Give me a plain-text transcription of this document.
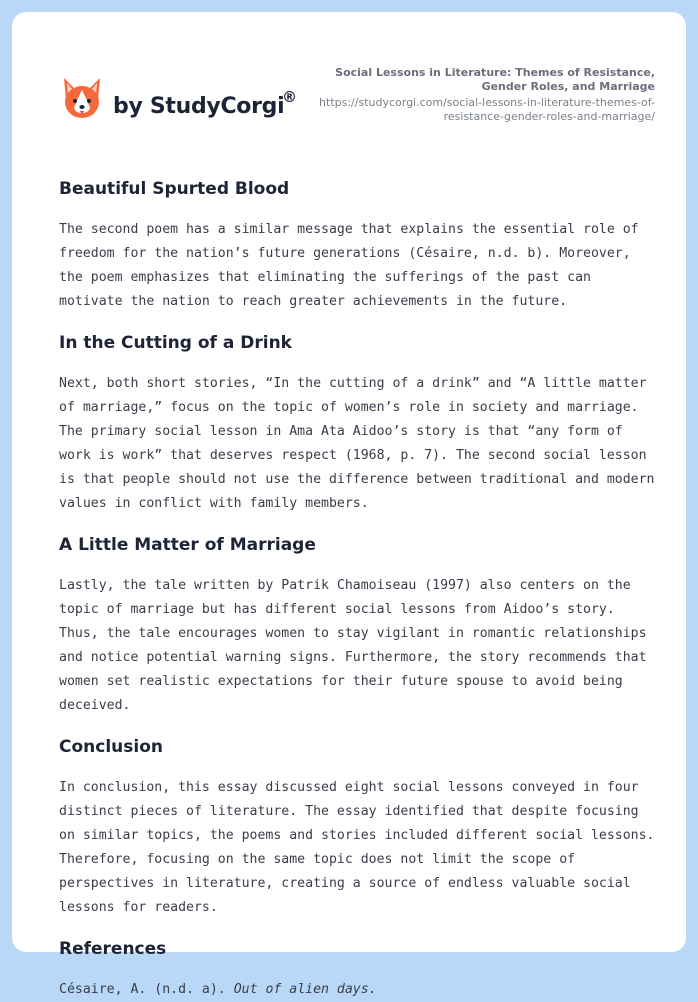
by StudyCorgi
®
Social Lessons in Literature: Themes of Resistance, Gender Roles, and Marriage
https://studycorgi.com/social-lessons-in-literature-themes-of-resistance-gender-roles-and-marriage/
Beautiful Spurted Blood

The second poem has a similar message that explains the essential role of freedom for the nation’s future generations (Césaire, n.d. b). Moreover, the poem emphasizes that eliminating the sufferings of the past can motivate the nation to reach greater achievements in the future.

In the Cutting of a Drink

Next, both short stories, “In the cutting of a drink” and “A little matter of marriage,” focus on the topic of women’s role in society and marriage. The primary social lesson in Ama Ata Aidoo’s story is that “any form of work is work” that deserves respect (1968, p. 7). The second social lesson is that people should not use the difference between traditional and modern values in conflict with family members.

A Little Matter of Marriage

Lastly, the tale written by Patrik Chamoiseau (1997) also centers on the topic of marriage but has different social lessons from Aidoo’s story. Thus, the tale encourages women to stay vigilant in romantic relationships and notice potential warning signs. Furthermore, the story recommends that women set realistic expectations for their future spouse to avoid being deceived.

Conclusion

In conclusion, this essay discussed eight social lessons conveyed in four distinct pieces of literature. The essay identified that despite focusing on similar topics, the poems and stories included different social lessons. Therefore, focusing on the same topic does not limit the scope of perspectives in literature, creating a source of endless valuable social lessons for readers.

References

Césaire, A. (n.d. a). Out of alien days.
